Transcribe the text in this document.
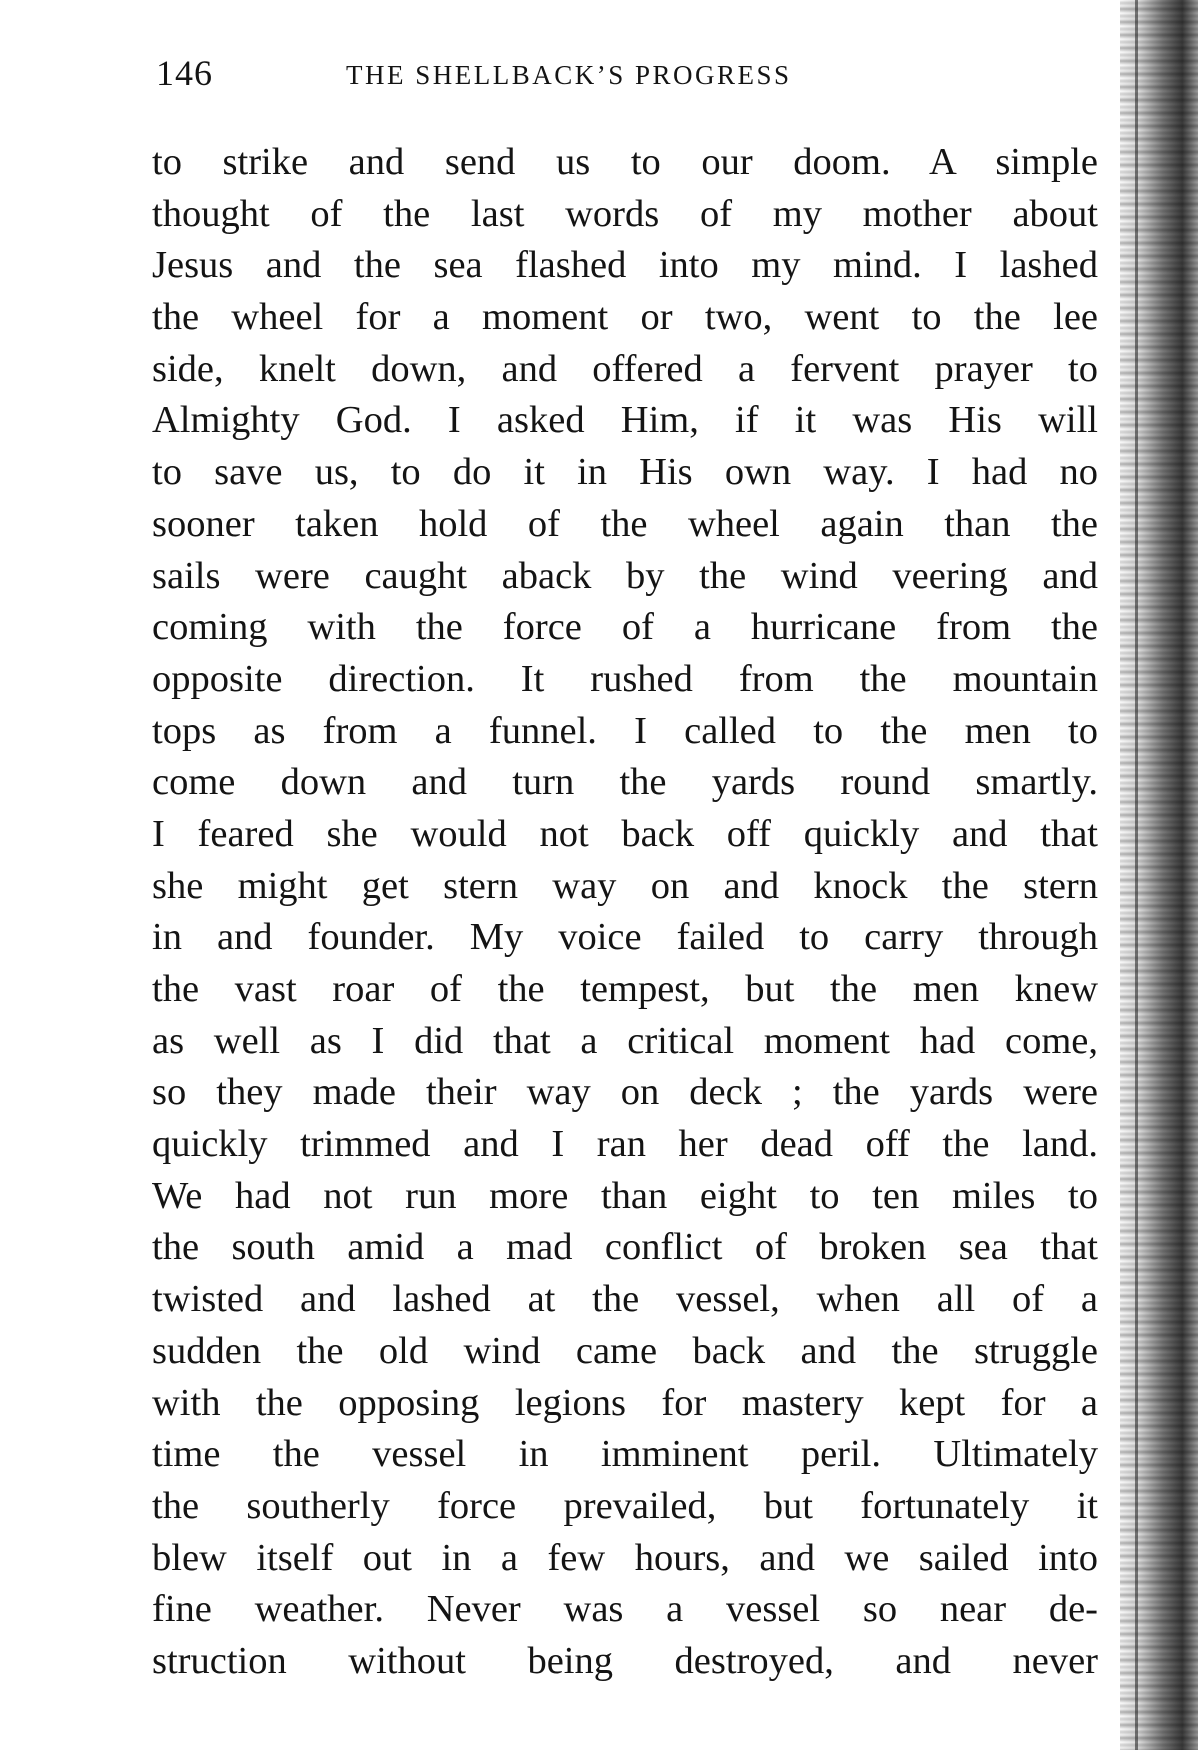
146	THE SHELLBACK’S PROGRESS
to strike and send us to our doom. A simple
thought of the last words of my mother about
Jesus and the sea flashed into my mind. I lashed
the wheel for a moment or two, went to the lee
side, knelt down, and offered a fervent prayer to
Almighty God. I asked Him, if it was His will
to save us, to do it in His own way. I had no
sooner taken hold of the wheel again than the
sails were caught aback by the wind veering and
coming with the force of a hurricane from the
opposite direction. It rushed from the mountain
tops as from a funnel. I called to the men to
come down and turn the yards round smartly.
I feared she would not back off quickly and that
she might get stern way on and knock the stern
in and founder. My voice failed to carry through
the vast roar of the tempest, but the men knew
as well as I did that a critical moment had come,
so they made their way on deck ; the yards were
quickly trimmed and I ran her dead off the land.
We had not run more than eight to ten miles to
the south amid a mad conflict of broken sea that
twisted and lashed at the vessel, when all of a
sudden the old wind came back and the struggle
with the opposing legions for mastery kept for a
time the vessel in imminent peril. Ultimately
the southerly force prevailed, but fortunately it
blew itself out in a few hours, and we sailed into
fine weather. Never was a vessel so near de-
struction without being destroyed, and never
